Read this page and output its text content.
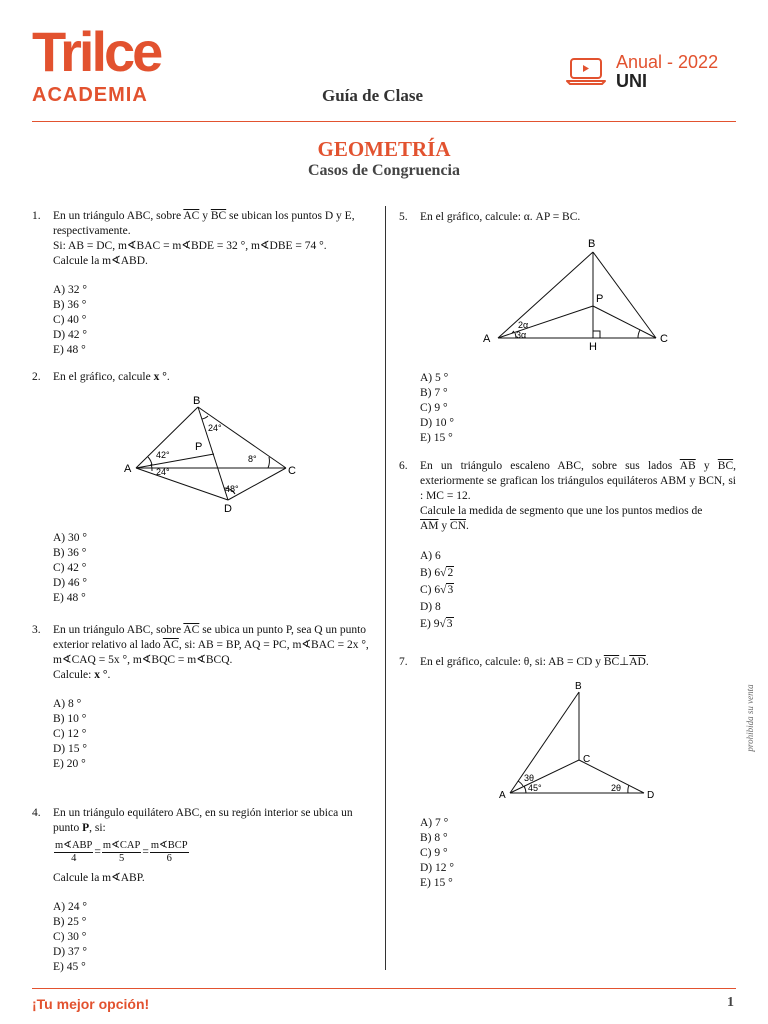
Trilce
ACADEMIA	Guía de Clase
Anual - 2022
UNI
GEOMETRÍA
Casos de Congruencia
1. En un triángulo ABC, sobre $\overline{AC}$ y $\overline{BC}$ se ubican los puntos D y E, respectivamente.
Si: AB = DC, m∢BAC = m∢BDE = 32 °, m∢DBE = 74 °.
Calcule la m∢ABD.
A) 32 °
B) 36 °
C) 40 °
D) 42 °
E) 48 °
2. En el gráfico, calcule x °.
B
A	C
D
P
24°
42°
24°
8°
48°
A) 30 °
B) 36 °
C) 42 °
D) 46 °
E) 48 °
3. En un triángulo ABC, sobre $\overline{AC}$ se ubica un punto P, sea Q un punto exterior relativo al lado $\overline{AC}$, si: AB = BP, AQ = PC, m∢BAC = 2x °, m∢CAQ = 5x °, m∢BQC = m∢BCQ.
Calcule: x °.
A) 8 °
B) 10 °
C) 12 °
D) 15 °
E) 20 °
4. En un triángulo equilátero ABC, en su región interior se ubica un punto P, si:
$\frac{\text{m∢ABP}}{4} = \frac{\text{m∢CAP}}{5} = \frac{\text{m∢BCP}}{6}$
Calcule la m∢ABP.
A) 24 °
B) 25 °
C) 30 °
D) 37 °
E) 45 °
5. En el gráfico, calcule: α. AP = BC.
B
P
A
H
C
2α
3α
A) 5 °
B) 7 °
C) 9 °
D) 10 °
E) 15 °
6. En un triángulo escaleno ABC, sobre sus lados $\overline{AB}$ y $\overline{BC}$, exteriormente se grafican los triángulos equiláteros ABM y BCN, si : MC = 12.
Calcule la medida de segmento que une los puntos medios de
$\overline{AM}$ y $\overline{CN}$.
A) 6
B) 6√2
C) 6√3
D) 8
E) 9√3
7. En el gráfico, calcule: θ, si: AB = CD y $\overline{BC}\perp\overline{AD}$.
B
C
A	D
3θ
45°	2θ
A) 7 °
B) 8 °
C) 9 °
D) 12 °
E) 15 °
prohibida su venta
¡Tu mejor opción!	1
